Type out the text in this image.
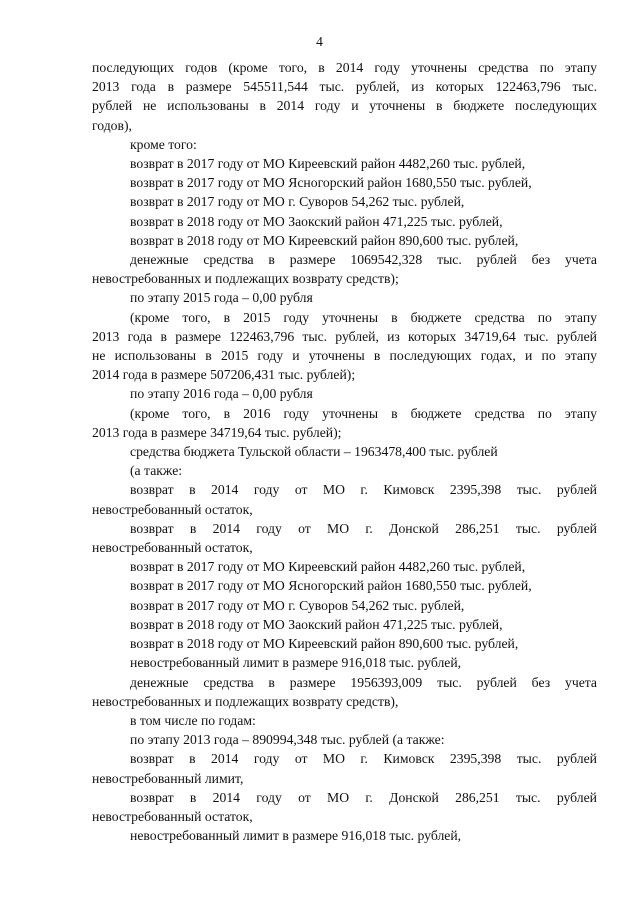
4
последующих годов (кроме того, в 2014 году уточнены средства по этапу
2013 года в размере 545511,544 тыс. рублей, из которых 122463,796 тыс.
рублей не использованы в 2014 году и уточнены в бюджете последующих
годов),
кроме того:
возврат в 2017 году от МО Киреевский район 4482,260 тыс. рублей,
возврат в 2017 году от МО Ясногорский район 1680,550 тыс. рублей,
возврат в 2017 году от МО г. Суворов 54,262 тыс. рублей,
возврат в 2018 году от МО Заокский район 471,225 тыс. рублей,
возврат в 2018 году от МО Киреевский район 890,600 тыс. рублей,
денежные средства в размере 1069542,328 тыс. рублей без учета
невостребованных и подлежащих возврату средств);
по этапу 2015 года – 0,00 рубля
(кроме того, в 2015 году уточнены в бюджете средства по этапу
2013 года в размере 122463,796 тыс. рублей, из которых 34719,64 тыс. рублей
не использованы в 2015 году и уточнены в последующих годах, и по этапу
2014 года в размере 507206,431 тыс. рублей);
по этапу 2016 года – 0,00 рубля
(кроме того, в 2016 году уточнены в бюджете средства по этапу
2013 года в размере 34719,64 тыс. рублей);
средства бюджета Тульской области – 1963478,400 тыс. рублей
(а также:
возврат в 2014 году от МО г. Кимовск 2395,398 тыс. рублей
невостребованный остаток,
возврат в 2014 году от МО г. Донской 286,251 тыс. рублей
невостребованный остаток,
возврат в 2017 году от МО Киреевский район 4482,260 тыс. рублей,
возврат в 2017 году от МО Ясногорский район 1680,550 тыс. рублей,
возврат в 2017 году от МО г. Суворов 54,262 тыс. рублей,
возврат в 2018 году от МО Заокский район 471,225 тыс. рублей,
возврат в 2018 году от МО Киреевский район 890,600 тыс. рублей,
невостребованный лимит в размере 916,018 тыс. рублей,
денежные средства в размере 1956393,009 тыс. рублей без учета
невостребованных и подлежащих возврату средств),
в том числе по годам:
по этапу 2013 года – 890994,348 тыс. рублей (а также:
возврат в 2014 году от МО г. Кимовск 2395,398 тыс. рублей
невостребованный лимит,
возврат в 2014 году от МО г. Донской 286,251 тыс. рублей
невостребованный остаток,
невостребованный лимит в размере 916,018 тыс. рублей,
